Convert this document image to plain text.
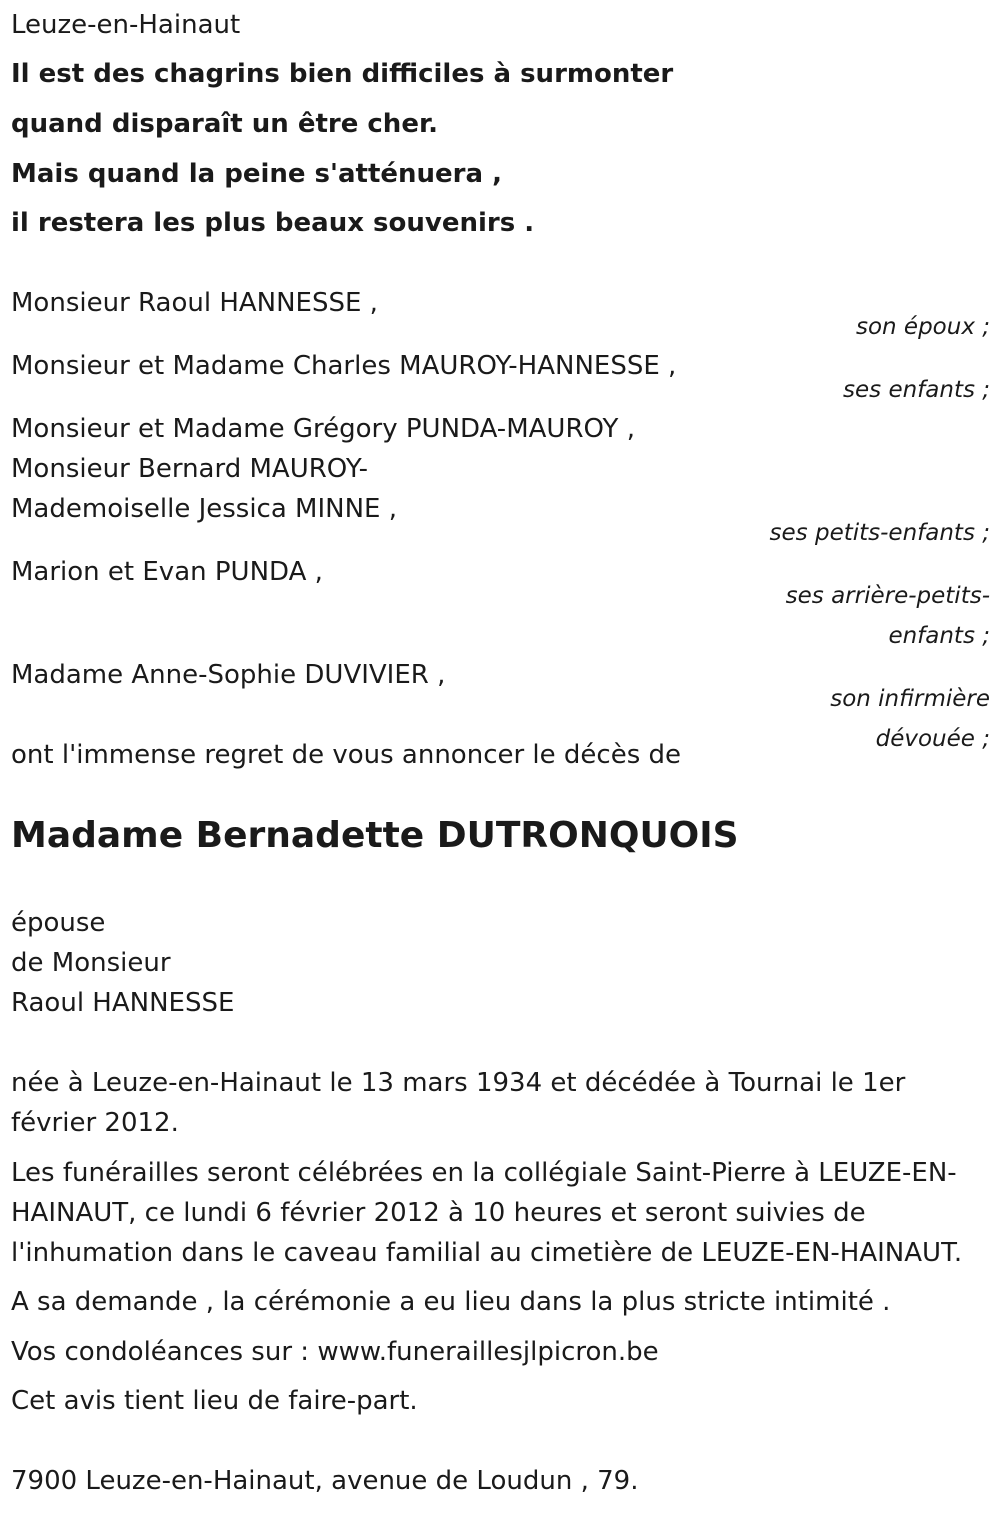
Leuze-en-Hainaut
Il est des chagrins bien difficiles à surmonter
quand disparaît un être cher.
Mais quand la peine s'atténuera ,
il restera les plus beaux souvenirs .
Monsieur Raoul HANNESSE ,
son époux ;
Monsieur et Madame Charles MAUROY-HANNESSE ,
ses enfants ;
Monsieur et Madame Grégory PUNDA-MAUROY ,
Monsieur Bernard MAUROY-
Mademoiselle Jessica MINNE ,
ses petits-enfants ;
Marion et Evan PUNDA ,
ses arrière-petits-
enfants ;
Madame Anne-Sophie DUVIVIER ,
son infirmière
dévouée ;
ont l'immense regret de vous annoncer le décès de
Madame Bernadette DUTRONQUOIS
épouse
de Monsieur
Raoul HANNESSE
née à Leuze-en-Hainaut le 13 mars 1934 et décédée à Tournai le 1er février 2012.
Les funérailles seront célébrées en la collégiale Saint-Pierre à LEUZE-EN-HAINAUT, ce lundi 6 février 2012 à 10 heures et seront suivies de l'inhumation dans le caveau familial au cimetière de LEUZE-EN-HAINAUT.
A sa demande , la cérémonie a eu lieu dans la plus stricte intimité .
Vos condoléances sur : www.funeraillesjlpicron.be
Cet avis tient lieu de faire-part.
7900 Leuze-en-Hainaut, avenue de Loudun , 79.
